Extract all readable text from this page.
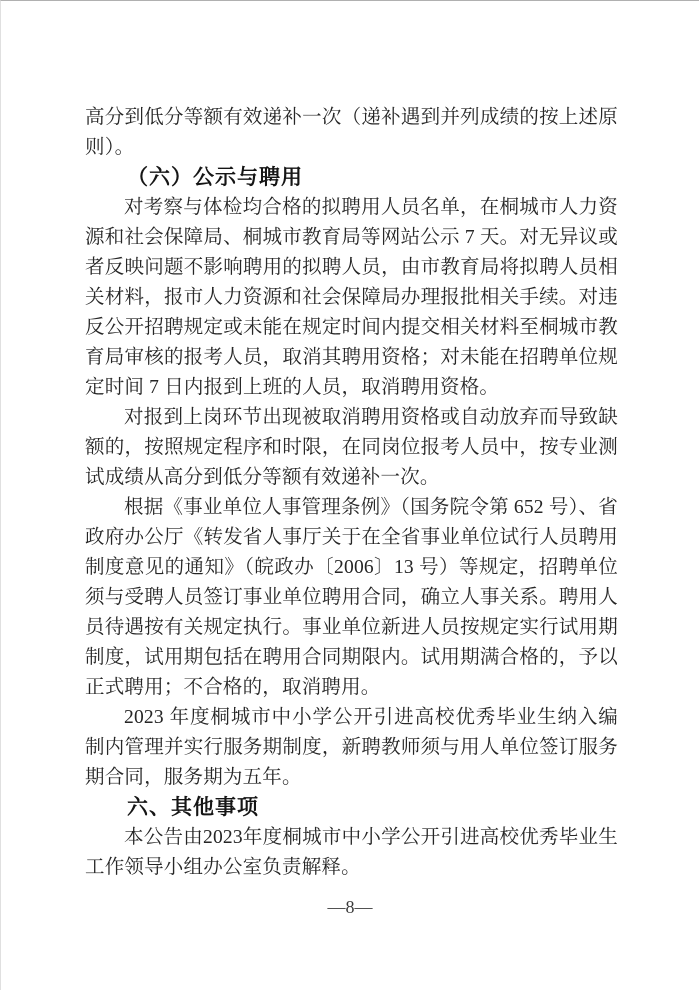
高分到低分等额有效递补一次（递补遇到并列成绩的按上述原则）。

（六）公示与聘用

对考察与体检均合格的拟聘用人员名单，在桐城市人力资源和社会保障局、桐城市教育局等网站公示 7 天。对无异议或者反映问题不影响聘用的拟聘人员，由市教育局将拟聘人员相关材料，报市人力资源和社会保障局办理报批相关手续。对违反公开招聘规定或未能在规定时间内提交相关材料至桐城市教育局审核的报考人员，取消其聘用资格；对未能在招聘单位规定时间 7 日内报到上班的人员，取消聘用资格。

对报到上岗环节出现被取消聘用资格或自动放弃而导致缺额的，按照规定程序和时限，在同岗位报考人员中，按专业测试成绩从高分到低分等额有效递补一次。

根据《事业单位人事管理条例》（国务院令第 652 号）、省政府办公厅《转发省人事厅关于在全省事业单位试行人员聘用制度意见的通知》（皖政办〔2006〕13 号）等规定，招聘单位须与受聘人员签订事业单位聘用合同，确立人事关系。聘用人员待遇按有关规定执行。事业单位新进人员按规定实行试用期制度，试用期包括在聘用合同期限内。试用期满合格的，予以正式聘用；不合格的，取消聘用。

2023 年度桐城市中小学公开引进高校优秀毕业生纳入编制内管理并实行服务期制度，新聘教师须与用人单位签订服务期合同，服务期为五年。

六、其他事项

本公告由2023年度桐城市中小学公开引进高校优秀毕业生工作领导小组办公室负责解释。

—8—
